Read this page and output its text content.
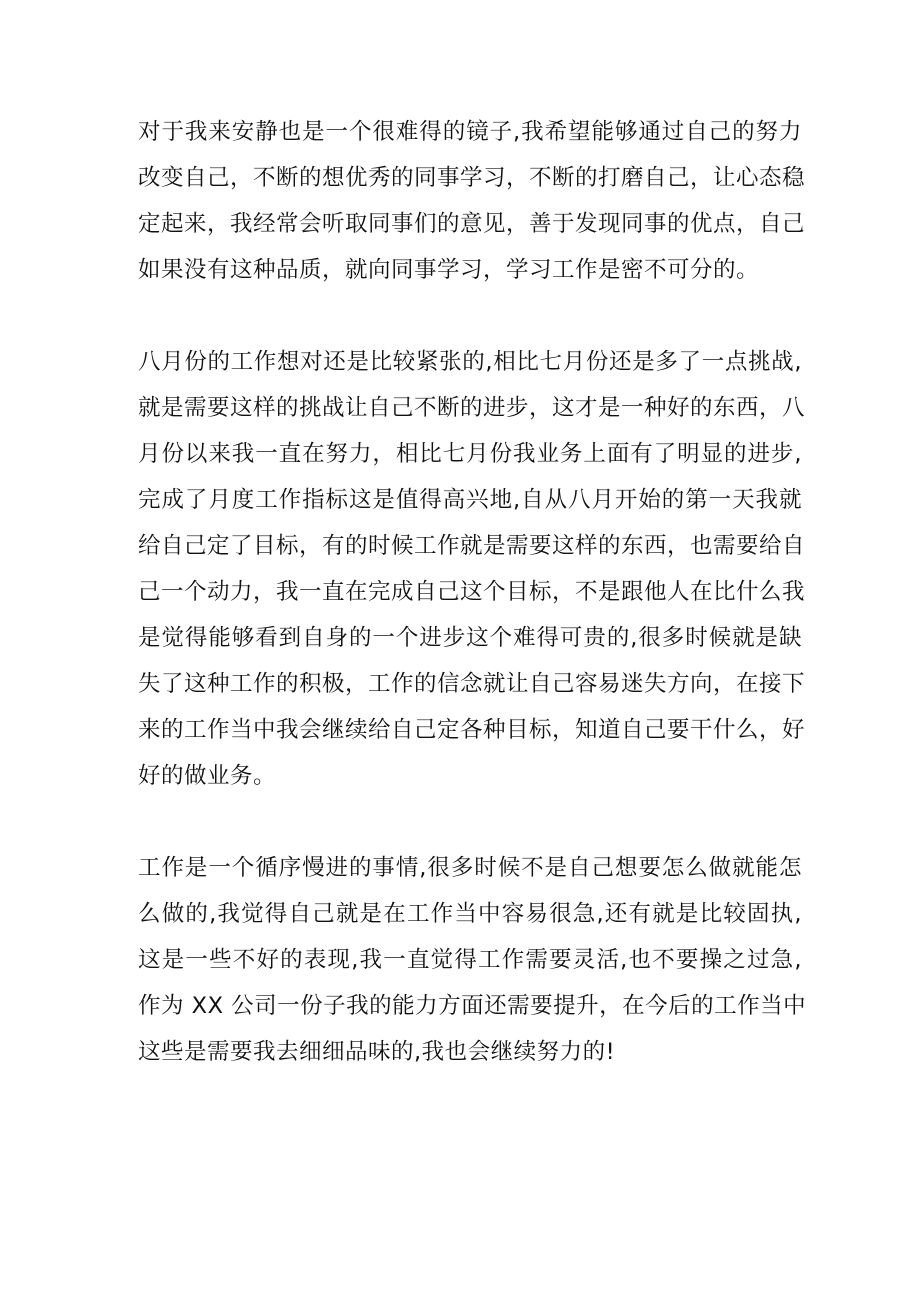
对于我来安静也是一个很难得的镜子,我希望能够通过自己的努力
改变自己，不断的想优秀的同事学习，不断的打磨自己，让心态稳
定起来，我经常会听取同事们的意见，善于发现同事的优点，自己
如果没有这种品质，就向同事学习，学习工作是密不可分的。

八月份的工作想对还是比较紧张的,相比七月份还是多了一点挑战,
就是需要这样的挑战让自己不断的进步，这才是一种好的东西，八
月份以来我一直在努力，相比七月份我业务上面有了明显的进步,
完成了月度工作指标这是值得高兴地,自从八月开始的第一天我就
给自己定了目标，有的时候工作就是需要这样的东西，也需要给自
己一个动力，我一直在完成自己这个目标，不是跟他人在比什么我
是觉得能够看到自身的一个进步这个难得可贵的,很多时候就是缺
失了这种工作的积极，工作的信念就让自己容易迷失方向，在接下
来的工作当中我会继续给自己定各种目标，知道自己要干什么，好
好的做业务。

工作是一个循序慢进的事情,很多时候不是自己想要怎么做就能怎
么做的,我觉得自己就是在工作当中容易很急,还有就是比较固执,
这是一些不好的表现,我一直觉得工作需要灵活,也不要操之过急,
作为 XX 公司一份子我的能力方面还需要提升，在今后的工作当中
这些是需要我去细细品味的,我也会继续努力的!
